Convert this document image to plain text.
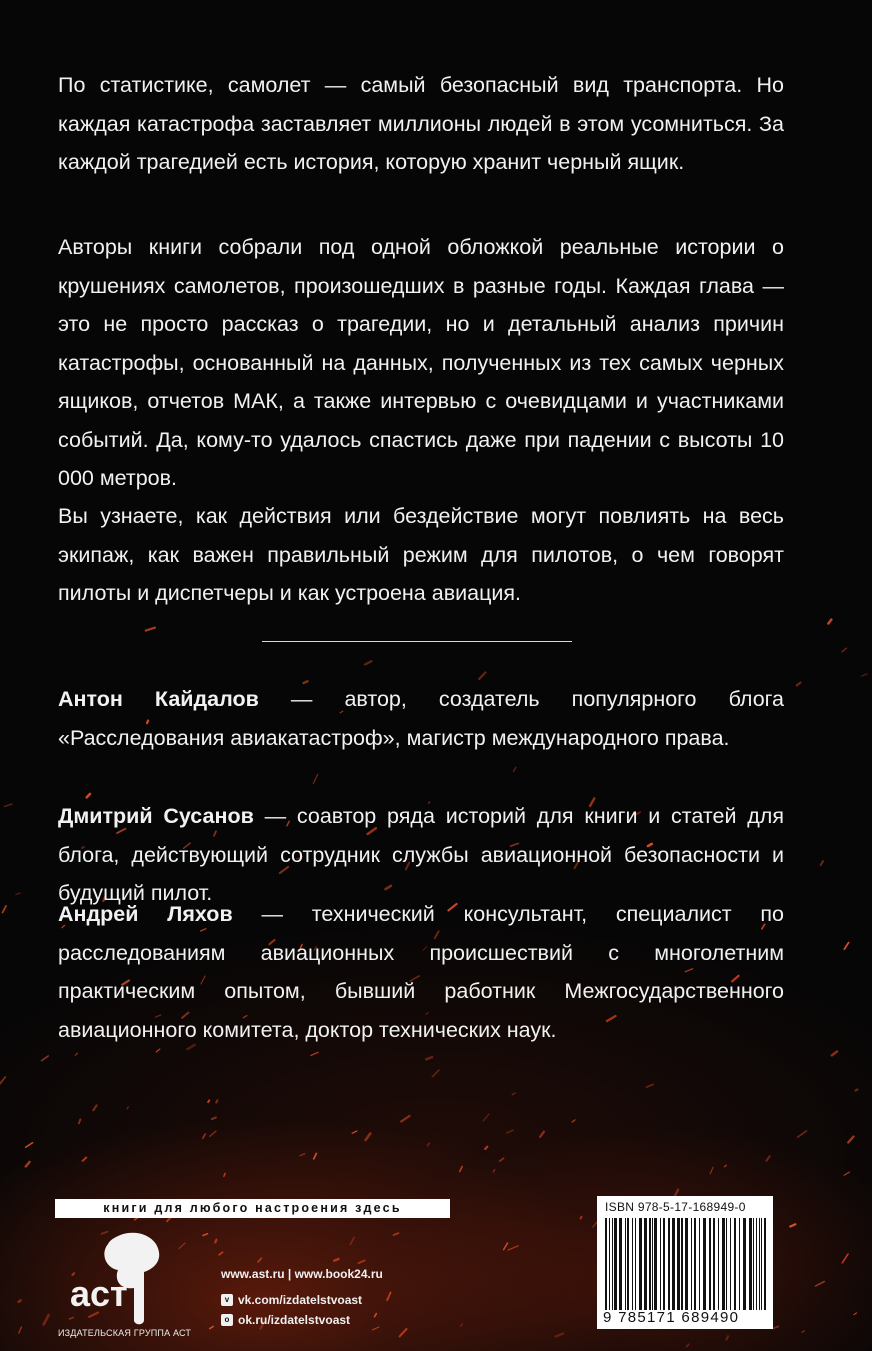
По статистике, самолет — самый безопасный вид транспорта. Но каждая катастрофа заставляет миллионы людей в этом усомниться. За каждой трагедией есть история, которую хранит черный ящик.

Авторы книги собрали под одной обложкой реальные истории о крушениях самолетов, произошедших в разные годы. Каждая глава — это не просто рассказ о трагедии, но и детальный анализ причин катастрофы, основанный на данных, полученных из тех самых черных ящиков, отчетов МАК, а также интервью с очевидцами и участниками событий. Да, кому-то удалось спастись даже при падении с высоты 10 000 метров.

Вы узнаете, как действия или бездействие могут повлиять на весь экипаж, как важен правильный режим для пилотов, о чем говорят пилоты и диспетчеры и как устроена авиация.

Антон Кайдалов — автор, создатель популярного блога «Расследования авиакатастроф», магистр международного права.

Дмитрий Сусанов — соавтор ряда историй для книги и статей для блога, действующий сотрудник службы авиационной безопасности и будущий пилот.

Андрей Ляхов — технический консультант, специалист по расследованиям авиационных происшествий с многолетним практическим опытом, бывший работник Межгосударственного авиационного комитета, доктор технических наук.

книги для любого настроения здесь
аст
ИЗДАТЕЛЬСКАЯ ГРУППА АСТ
www.ast.ru | www.book24.ru
v vk.com/izdatelstvoast
o ok.ru/izdatelstvoast
ISBN 978-5-17-168949-0
9 785171 689490
